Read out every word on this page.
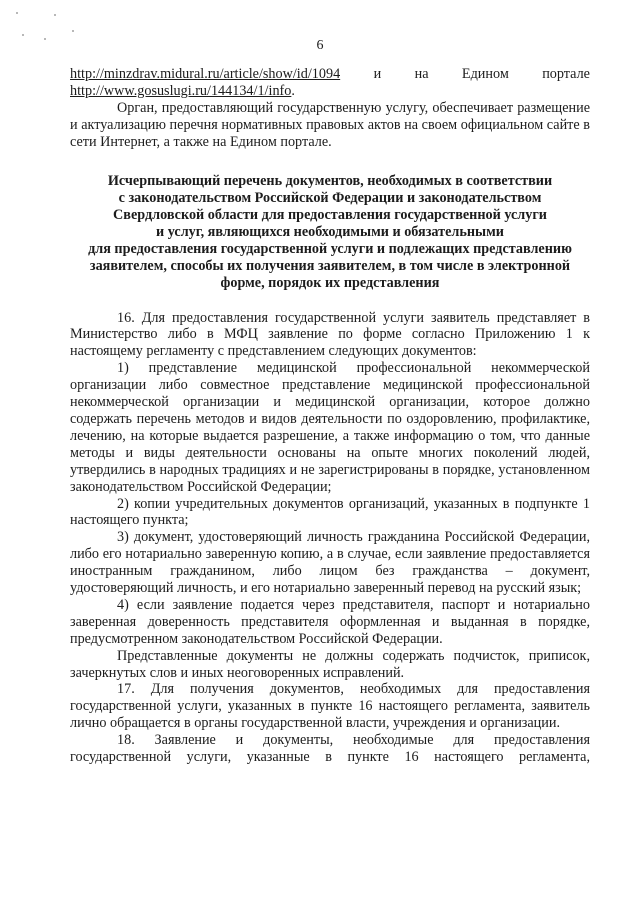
6
http://minzdrav.midural.ru/article/show/id/1094 и на Едином портале
http://www.gosuslugi.ru/144134/1/info.

Орган, предоставляющий государственную услугу, обеспечивает размещение и актуализацию перечня нормативных правовых актов на своем официальном сайте в сети Интернет, а также на Едином портале.

Исчерпывающий перечень документов, необходимых в соответствии
с законодательством Российской Федерации и законодательством
Свердловской области для предоставления государственной услуги
и услуг, являющихся необходимыми и обязательными
для предоставления государственной услуги и подлежащих представлению
заявителем, способы их получения заявителем, в том числе в электронной
форме, порядок их представления

16. Для предоставления государственной услуги заявитель представляет в Министерство либо в МФЦ заявление по форме согласно Приложению 1 к настоящему регламенту с представлением следующих документов:

1) представление медицинской профессиональной некоммерческой организации либо совместное представление медицинской профессиональной некоммерческой организации и медицинской организации, которое должно содержать перечень методов и видов деятельности по оздоровлению, профилактике, лечению, на которые выдается разрешение, а также информацию о том, что данные методы и виды деятельности основаны на опыте многих поколений людей, утвердились в народных традициях и не зарегистрированы в порядке, установленном законодательством Российской Федерации;

2) копии учредительных документов организаций, указанных в подпункте 1 настоящего пункта;

3) документ, удостоверяющий личность гражданина Российской Федерации, либо его нотариально заверенную копию, а в случае, если заявление предоставляется иностранным гражданином, либо лицом без гражданства – документ, удостоверяющий личность, и его нотариально заверенный перевод на русский язык;

4) если заявление подается через представителя, паспорт и нотариально заверенная доверенность представителя оформленная и выданная в порядке, предусмотренном законодательством Российской Федерации.

Представленные документы не должны содержать подчисток, приписок, зачеркнутых слов и иных неоговоренных исправлений.

17. Для получения документов, необходимых для предоставления государственной услуги, указанных в пункте 16 настоящего регламента, заявитель лично обращается в органы государственной власти, учреждения и организации.

18. Заявление и документы, необходимые для предоставления государственной услуги, указанные в пункте 16 настоящего регламента,
